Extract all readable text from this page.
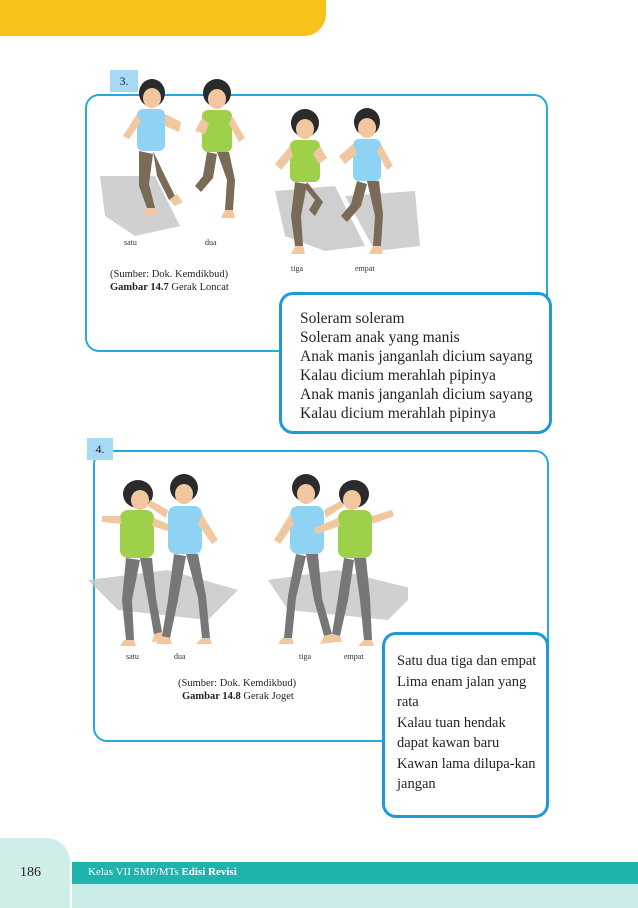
3.
satu	dua
tiga	empat
(Sumber: Dok. Kemdikbud)
Gambar 14.7 Gerak Loncat
Soleram soleram
Soleram anak yang manis
Anak manis janganlah dicium sayang
Kalau dicium merahlah pipinya
Anak manis janganlah dicium sayang
Kalau dicium merahlah pipinya
4.
satu	dua	tiga	empat
(Sumber: Dok. Kemdikbud)
Gambar 14.8 Gerak Joget
Satu dua tiga dan empat
Lima enam jalan yang rata
Kalau tuan hendak dapat kawan baru
Kawan lama dilupa-kan jangan
186	Kelas VII SMP/MTs Edisi Revisi
